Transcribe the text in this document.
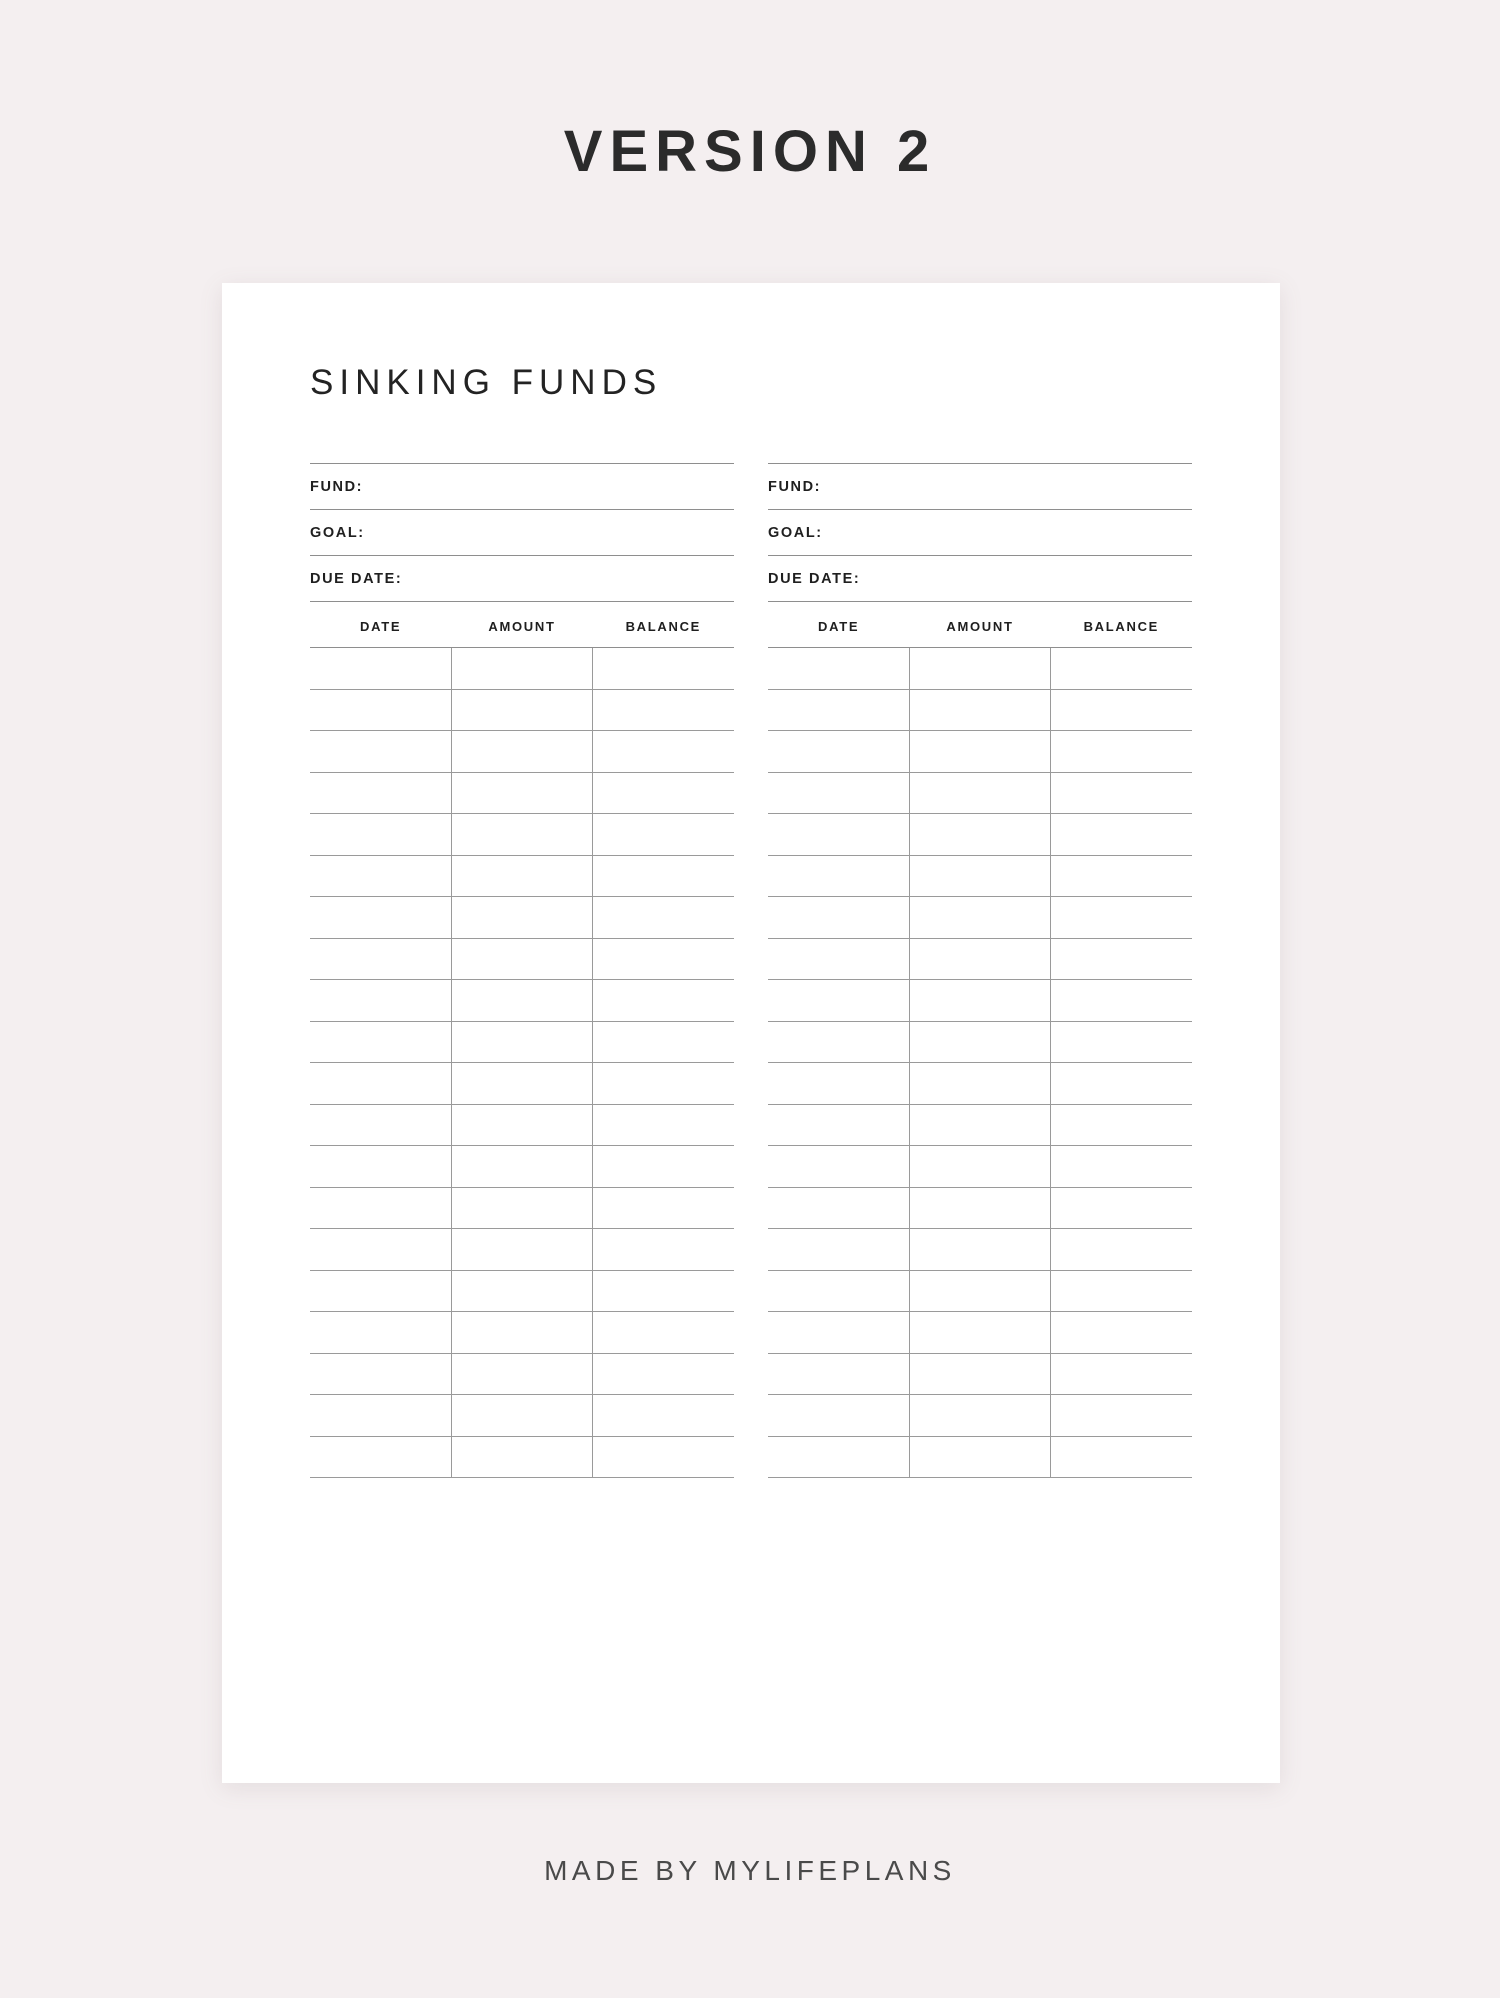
VERSION 2
SINKING FUNDS
FUND:
GOAL:
DUE DATE:
DATE	AMOUNT	BALANCE

FUND:
GOAL:
DUE DATE:
DATE	AMOUNT	BALANCE

MADE BY MYLIFEPLANS
